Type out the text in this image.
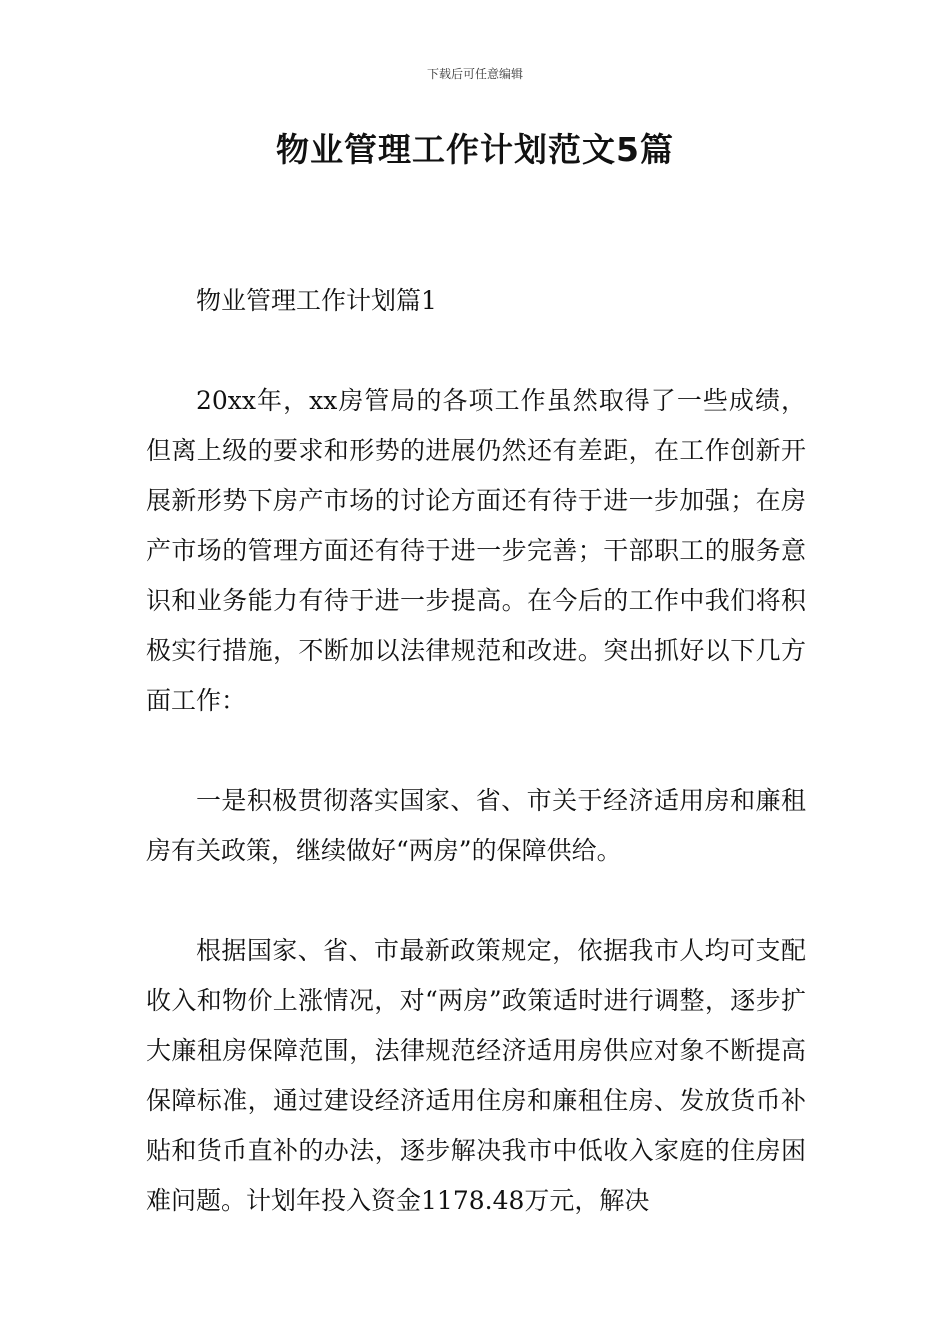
下载后可任意编辑
物业管理工作计划范文5篇

物业管理工作计划篇1

20xx年，xx房管局的各项工作虽然取得了一些成绩，但离上级的要求和形势的进展仍然还有差距，在工作创新开展新形势下房产市场的讨论方面还有待于进一步加强；在房产市场的管理方面还有待于进一步完善；干部职工的服务意识和业务能力有待于进一步提高。在今后的工作中我们将积极实行措施，不断加以法律规范和改进。突出抓好以下几方面工作：

一是积极贯彻落实国家、省、市关于经济适用房和廉租房有关政策，继续做好“两房”的保障供给。

根据国家、省、市最新政策规定，依据我市人均可支配收入和物价上涨情况，对“两房”政策适时进行调整，逐步扩大廉租房保障范围，法律规范经济适用房供应对象不断提高保障标准，通过建设经济适用住房和廉租住房、发放货币补贴和货币直补的办法，逐步解决我市中低收入家庭的住房困难问题。计划年投入资金1178.48万元，解决
